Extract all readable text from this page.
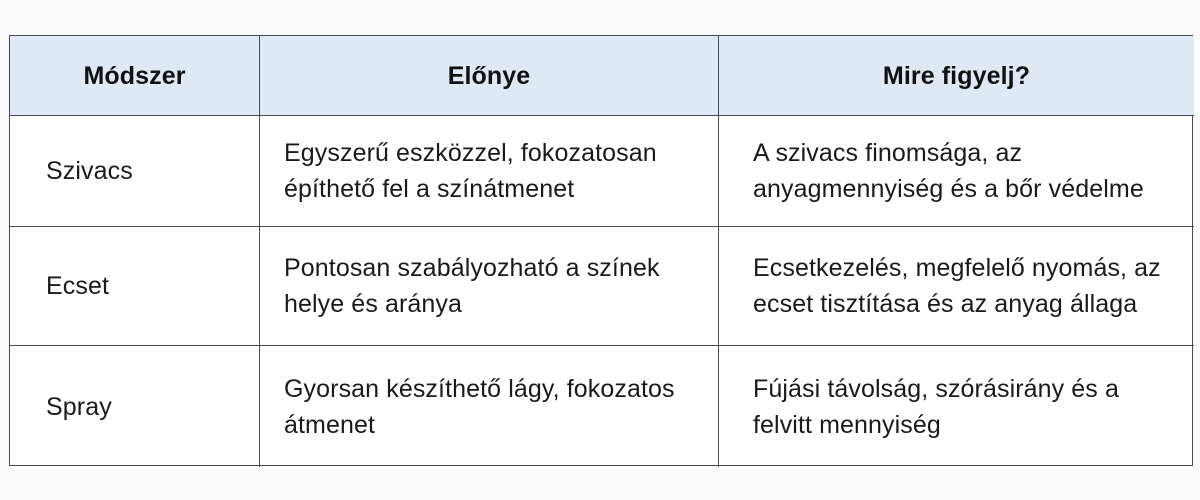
Módszer	Előnye	Mire figyelj?
Szivacs
Egyszerű eszközzel, fokozatosan
építhető fel a színátmenet
A szivacs finomsága, az
anyagmennyiség és a bőr védelme
Ecset
Pontosan szabályozható a színek
helye és aránya
Ecsetkezelés, megfelelő nyomás, az
ecset tisztítása és az anyag állaga
Spray
Gyorsan készíthető lágy, fokozatos
átmenet
Fújási távolság, szórásirány és a
felvitt mennyiség
